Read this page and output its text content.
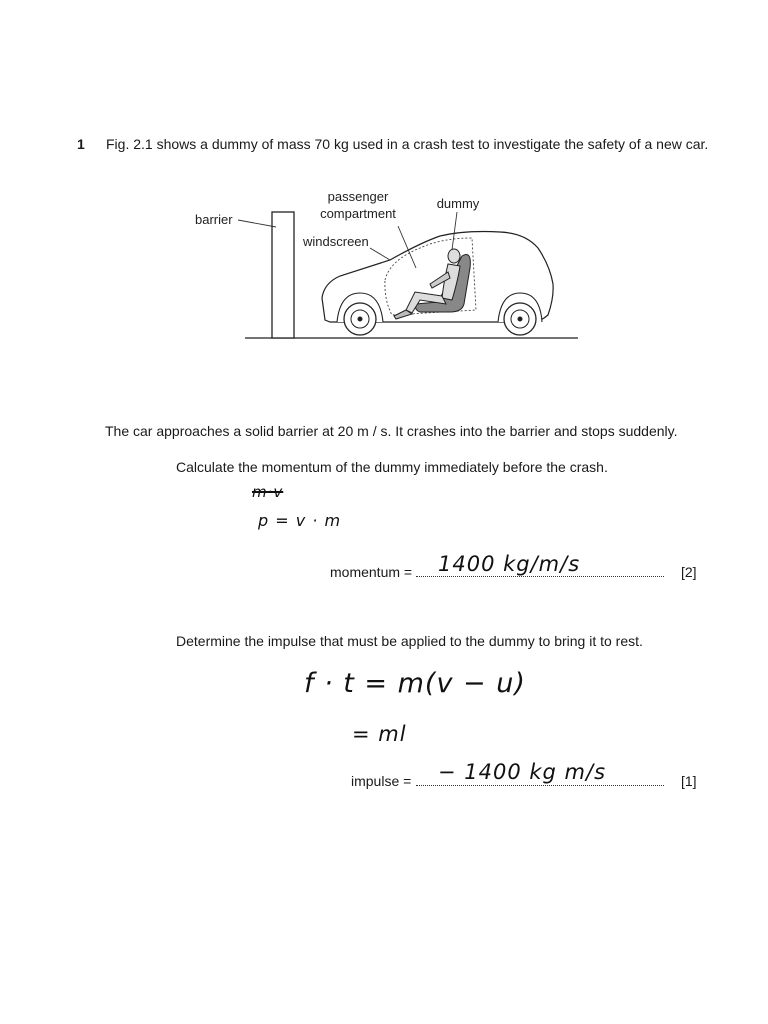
1 Fig. 2.1 shows a dummy of mass 70 kg used in a crash test to investigate the safety of a new car.
barrier
passenger
compartment
dummy
windscreen
The car approaches a solid barrier at 20 m / s. It crashes into the barrier and stops suddenly.
Calculate the momentum of the dummy immediately before the crash.
m·v
p = v · m
momentum = 1400 kg/m/s	[2]
Determine the impulse that must be applied to the dummy to bring it to rest.
f · t = m(v − u)
= ml
impulse = − 1400 kg m/s	[1]
